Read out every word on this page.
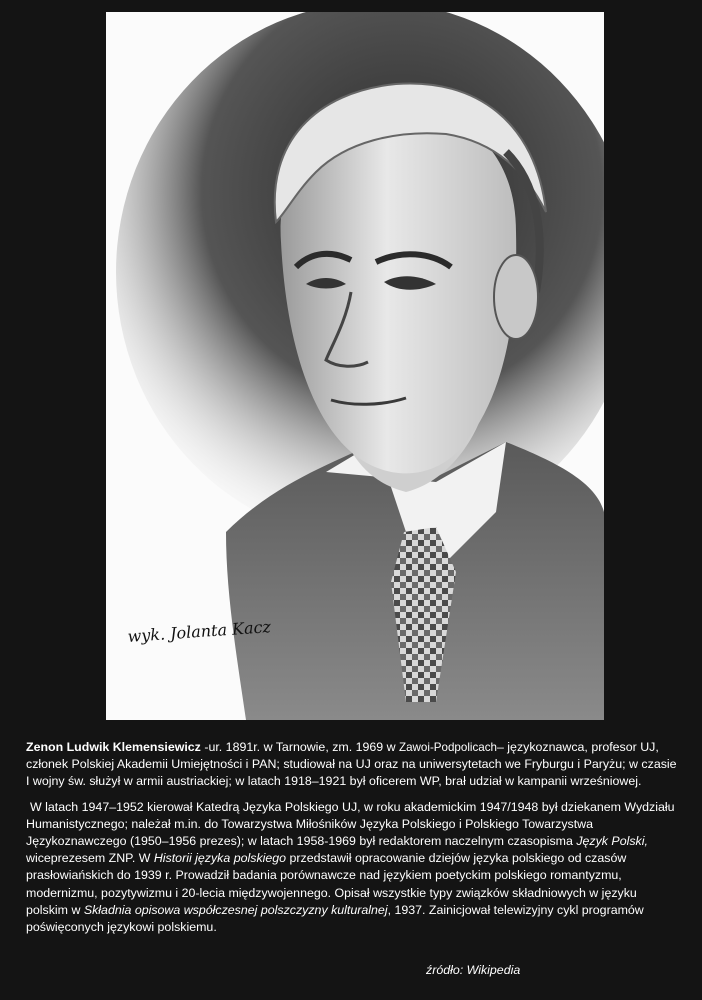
wyk. Jolanta Kacz

Zenon Ludwik Klemensiewicz -ur. 1891r. w Tarnowie, zm. 1969 w Zawoi-Podpolicach– językoznawca, profesor UJ, członek Polskiej Akademii Umiejętności i PAN; studiował na UJ oraz na uniwersytetach we Fryburgu i Paryżu; w czasie I wojny św. służył w armii austriackiej; w latach 1918–1921 był oficerem WP, brał udział w kampanii wrześniowej.

W latach 1947–1952 kierował Katedrą Języka Polskiego UJ, w roku akademickim 1947/1948 był dziekanem Wydziału Humanistycznego; należał m.in. do Towarzystwa Miłośników Języka Polskiego i Polskiego Towarzystwa Językoznawczego (1950–1956 prezes); w latach 1958-1969 był redaktorem naczelnym czasopisma Język Polski, wiceprezesem ZNP. W Historii języka polskiego przedstawił opracowanie dziejów języka polskiego od czasów prasłowiańskich do 1939 r. Prowadził badania porównawcze nad językiem poetyckim polskiego romantyzmu, modernizmu, pozytywizmu i 20-lecia międzywojennego. Opisał wszystkie typy związków składniowych w języku polskim w Składnia opisowa współczesnej polszczyzny kulturalnej, 1937. Zainicjował telewizyjny cykl programów poświęconych językowi polskiemu.

źródło: Wikipedia
